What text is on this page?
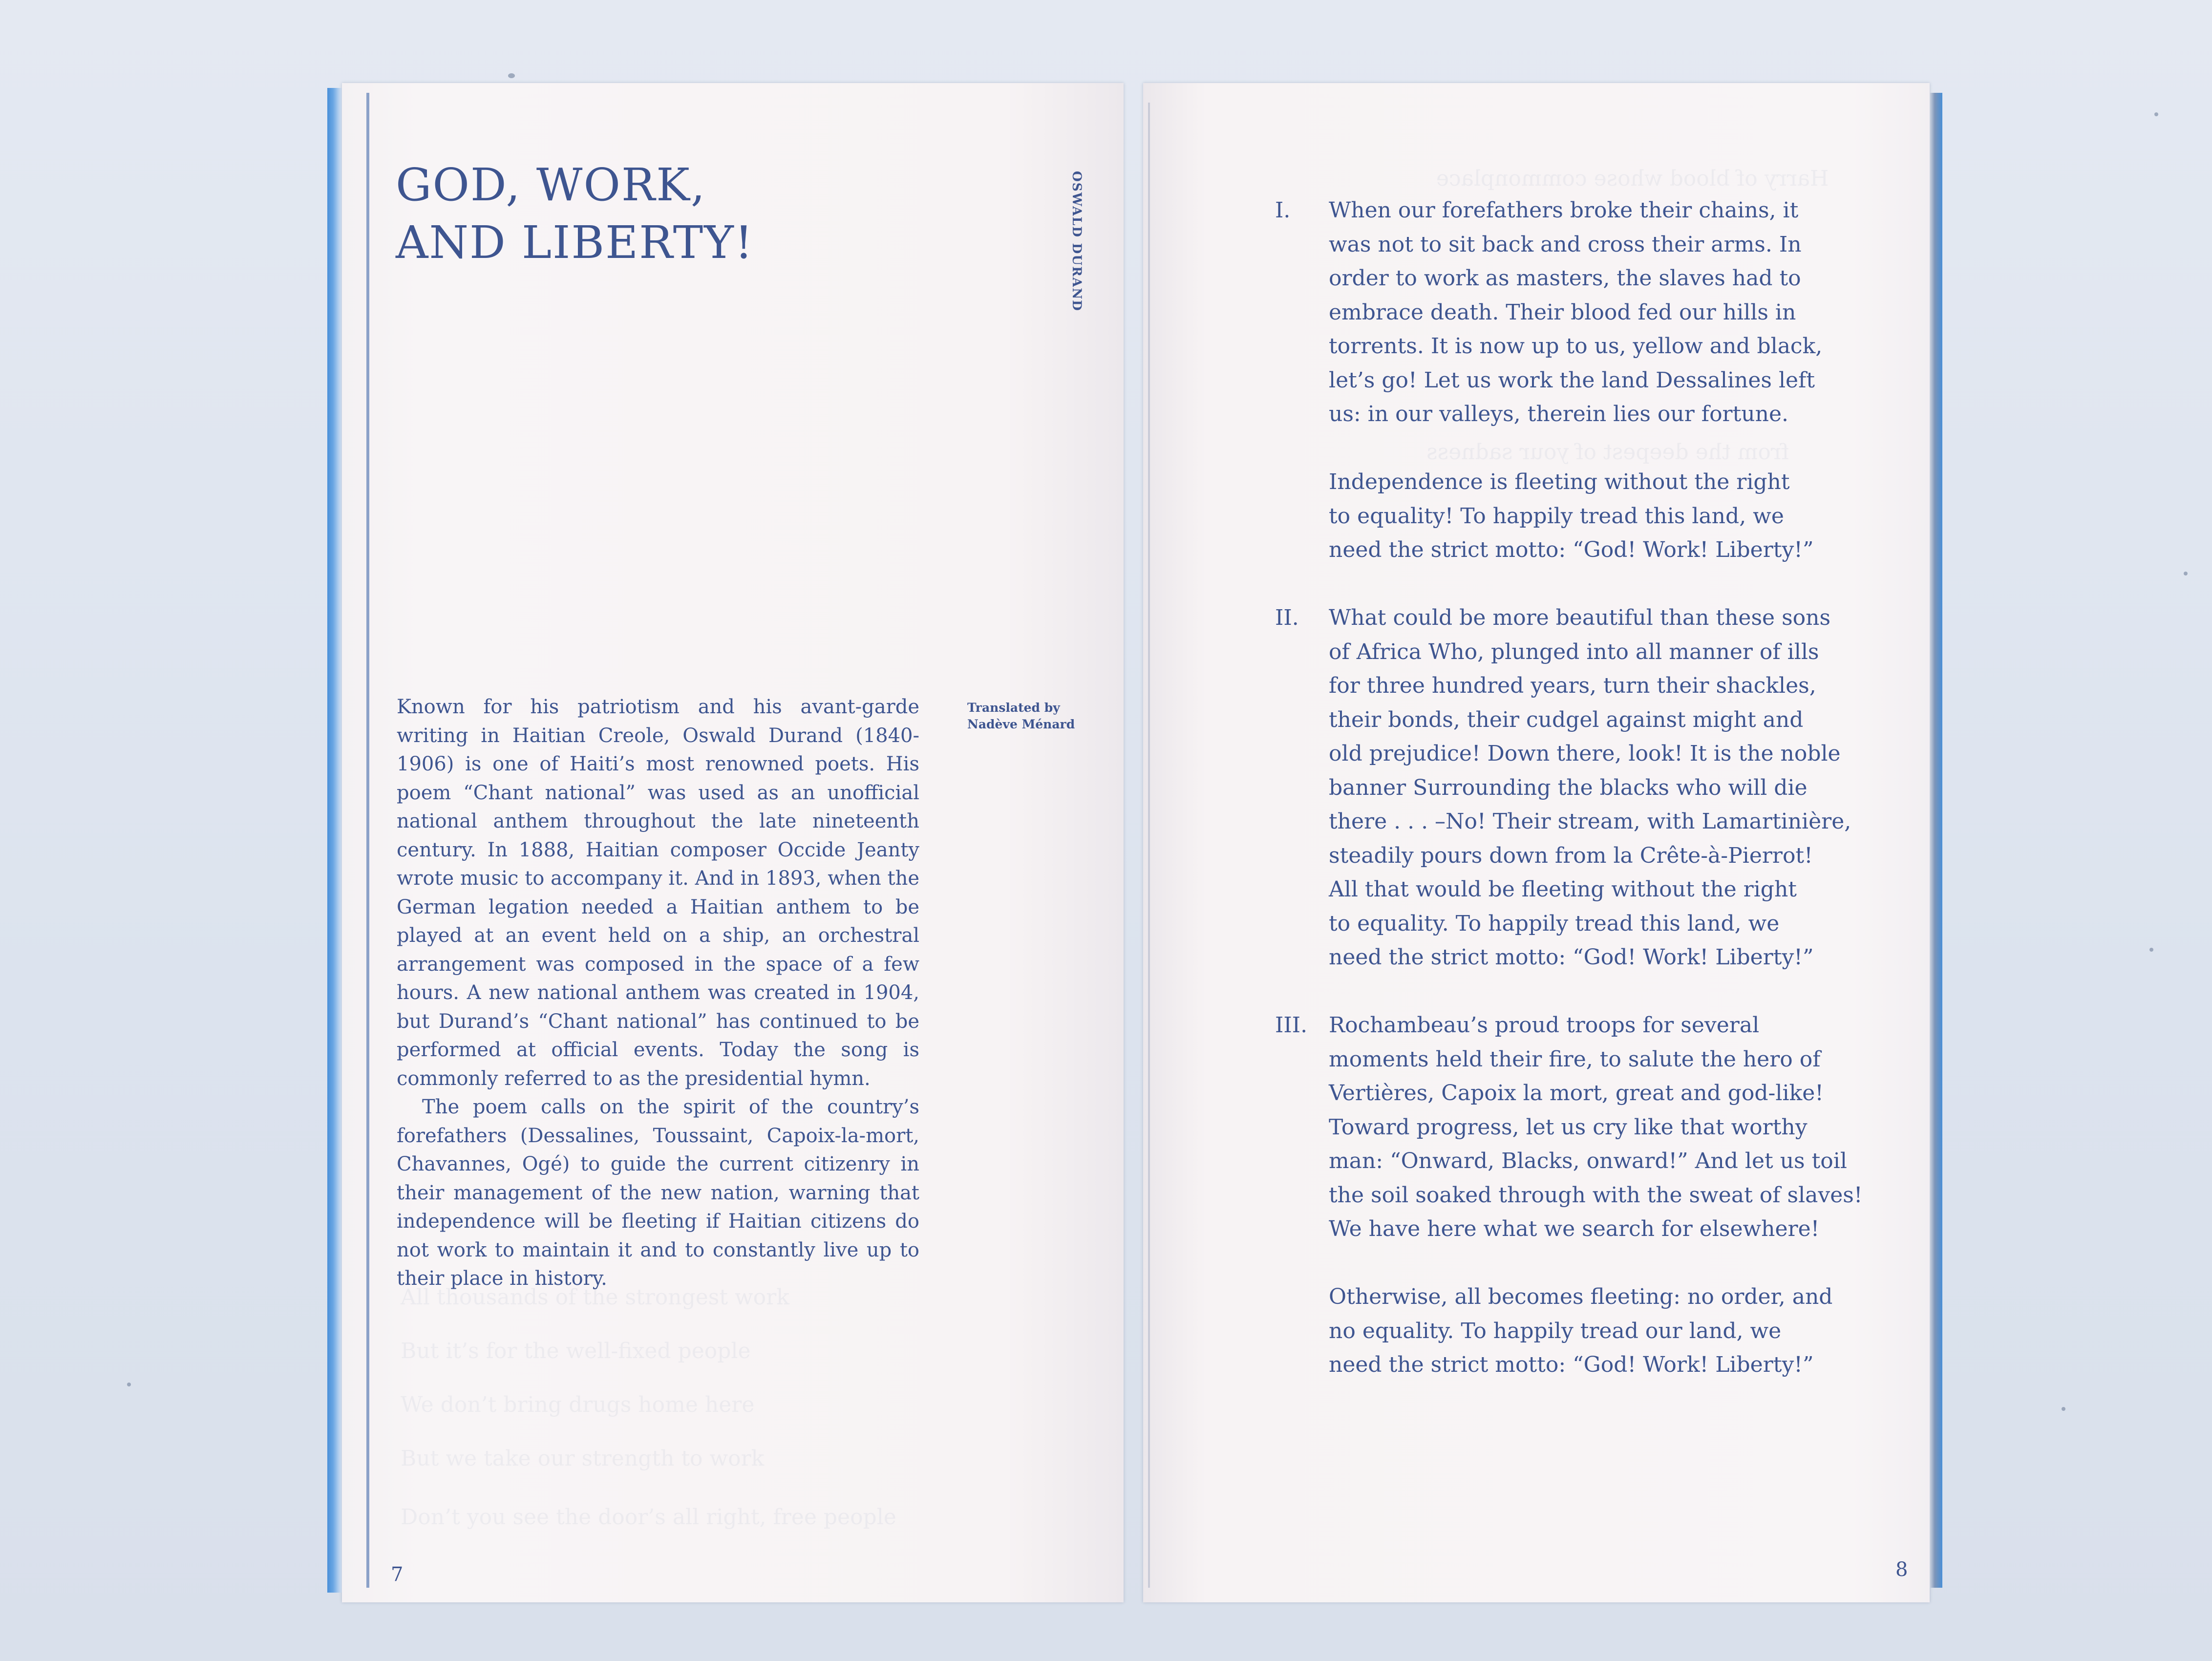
Harry of blood whose commonplace
from the deepest of your sadness
All thousands of the strongest work
But it’s for the well-fixed people
We don’t bring drugs home here
But we take our strength to work
Don’t you see the door’s all right, free people
GOD, WORK,
AND LIBERTY!	OSWALD DURAND
Translated by
Nadève Ménard

Known for his patriotism and his avant-garde writing in Haitian Creole, Oswald Durand (1840-1906) is one of Haiti’s most renowned poets. His poem “Chant national” was used as an unofficial national anthem throughout the late nineteenth century. In 1888, Haitian composer Occide Jeanty wrote music to accompany it. And in 1893, when the German legation needed a Haitian anthem to be played at an event held on a ship, an orchestral arrangement was composed in the space of a few hours. A new national anthem was created in 1904, but Durand’s “Chant national” has continued to be performed at official events. Today the song is commonly referred to as the presidential hymn.

The poem calls on the spirit of the country’s forefathers (Dessalines, Toussaint, Capoix-la-mort, Chavannes, Ogé) to guide the current citizenry in their management of the new nation, warning that independence will be fleeting if Haitian citizens do not work to maintain it and to constantly live up to their place in history.

7
I. When our forefathers broke their chains, it
was not to sit back and cross their arms. In
order to work as masters, the slaves had to
embrace death. Their blood fed our hills in
torrents. It is now up to us, yellow and black,
let’s go! Let us work the land Dessalines left
us: in our valleys, therein lies our fortune.
Independence is fleeting without the right
to equality! To happily tread this land, we
need the strict motto: “God! Work! Liberty!”
II. What could be more beautiful than these sons
of Africa Who, plunged into all manner of ills
for three hundred years, turn their shackles,
their bonds, their cudgel against might and
old prejudice! Down there, look! It is the noble
banner Surrounding the blacks who will die
there . . . –No! Their stream, with Lamartinière,
steadily pours down from la Crête-à-Pierrot!
All that would be fleeting without the right
to equality. To happily tread this land, we
need the strict motto: “God! Work! Liberty!”
III. Rochambeau’s proud troops for several
moments held their fire, to salute the hero of
Vertières, Capoix la mort, great and god-like!
Toward progress, let us cry like that worthy
man: “Onward, Blacks, onward!” And let us toil
the soil soaked through with the sweat of slaves!
We have here what we search for elsewhere!
Otherwise, all becomes fleeting: no order, and
no equality. To happily tread our land, we
need the strict motto: “God! Work! Liberty!”
8
